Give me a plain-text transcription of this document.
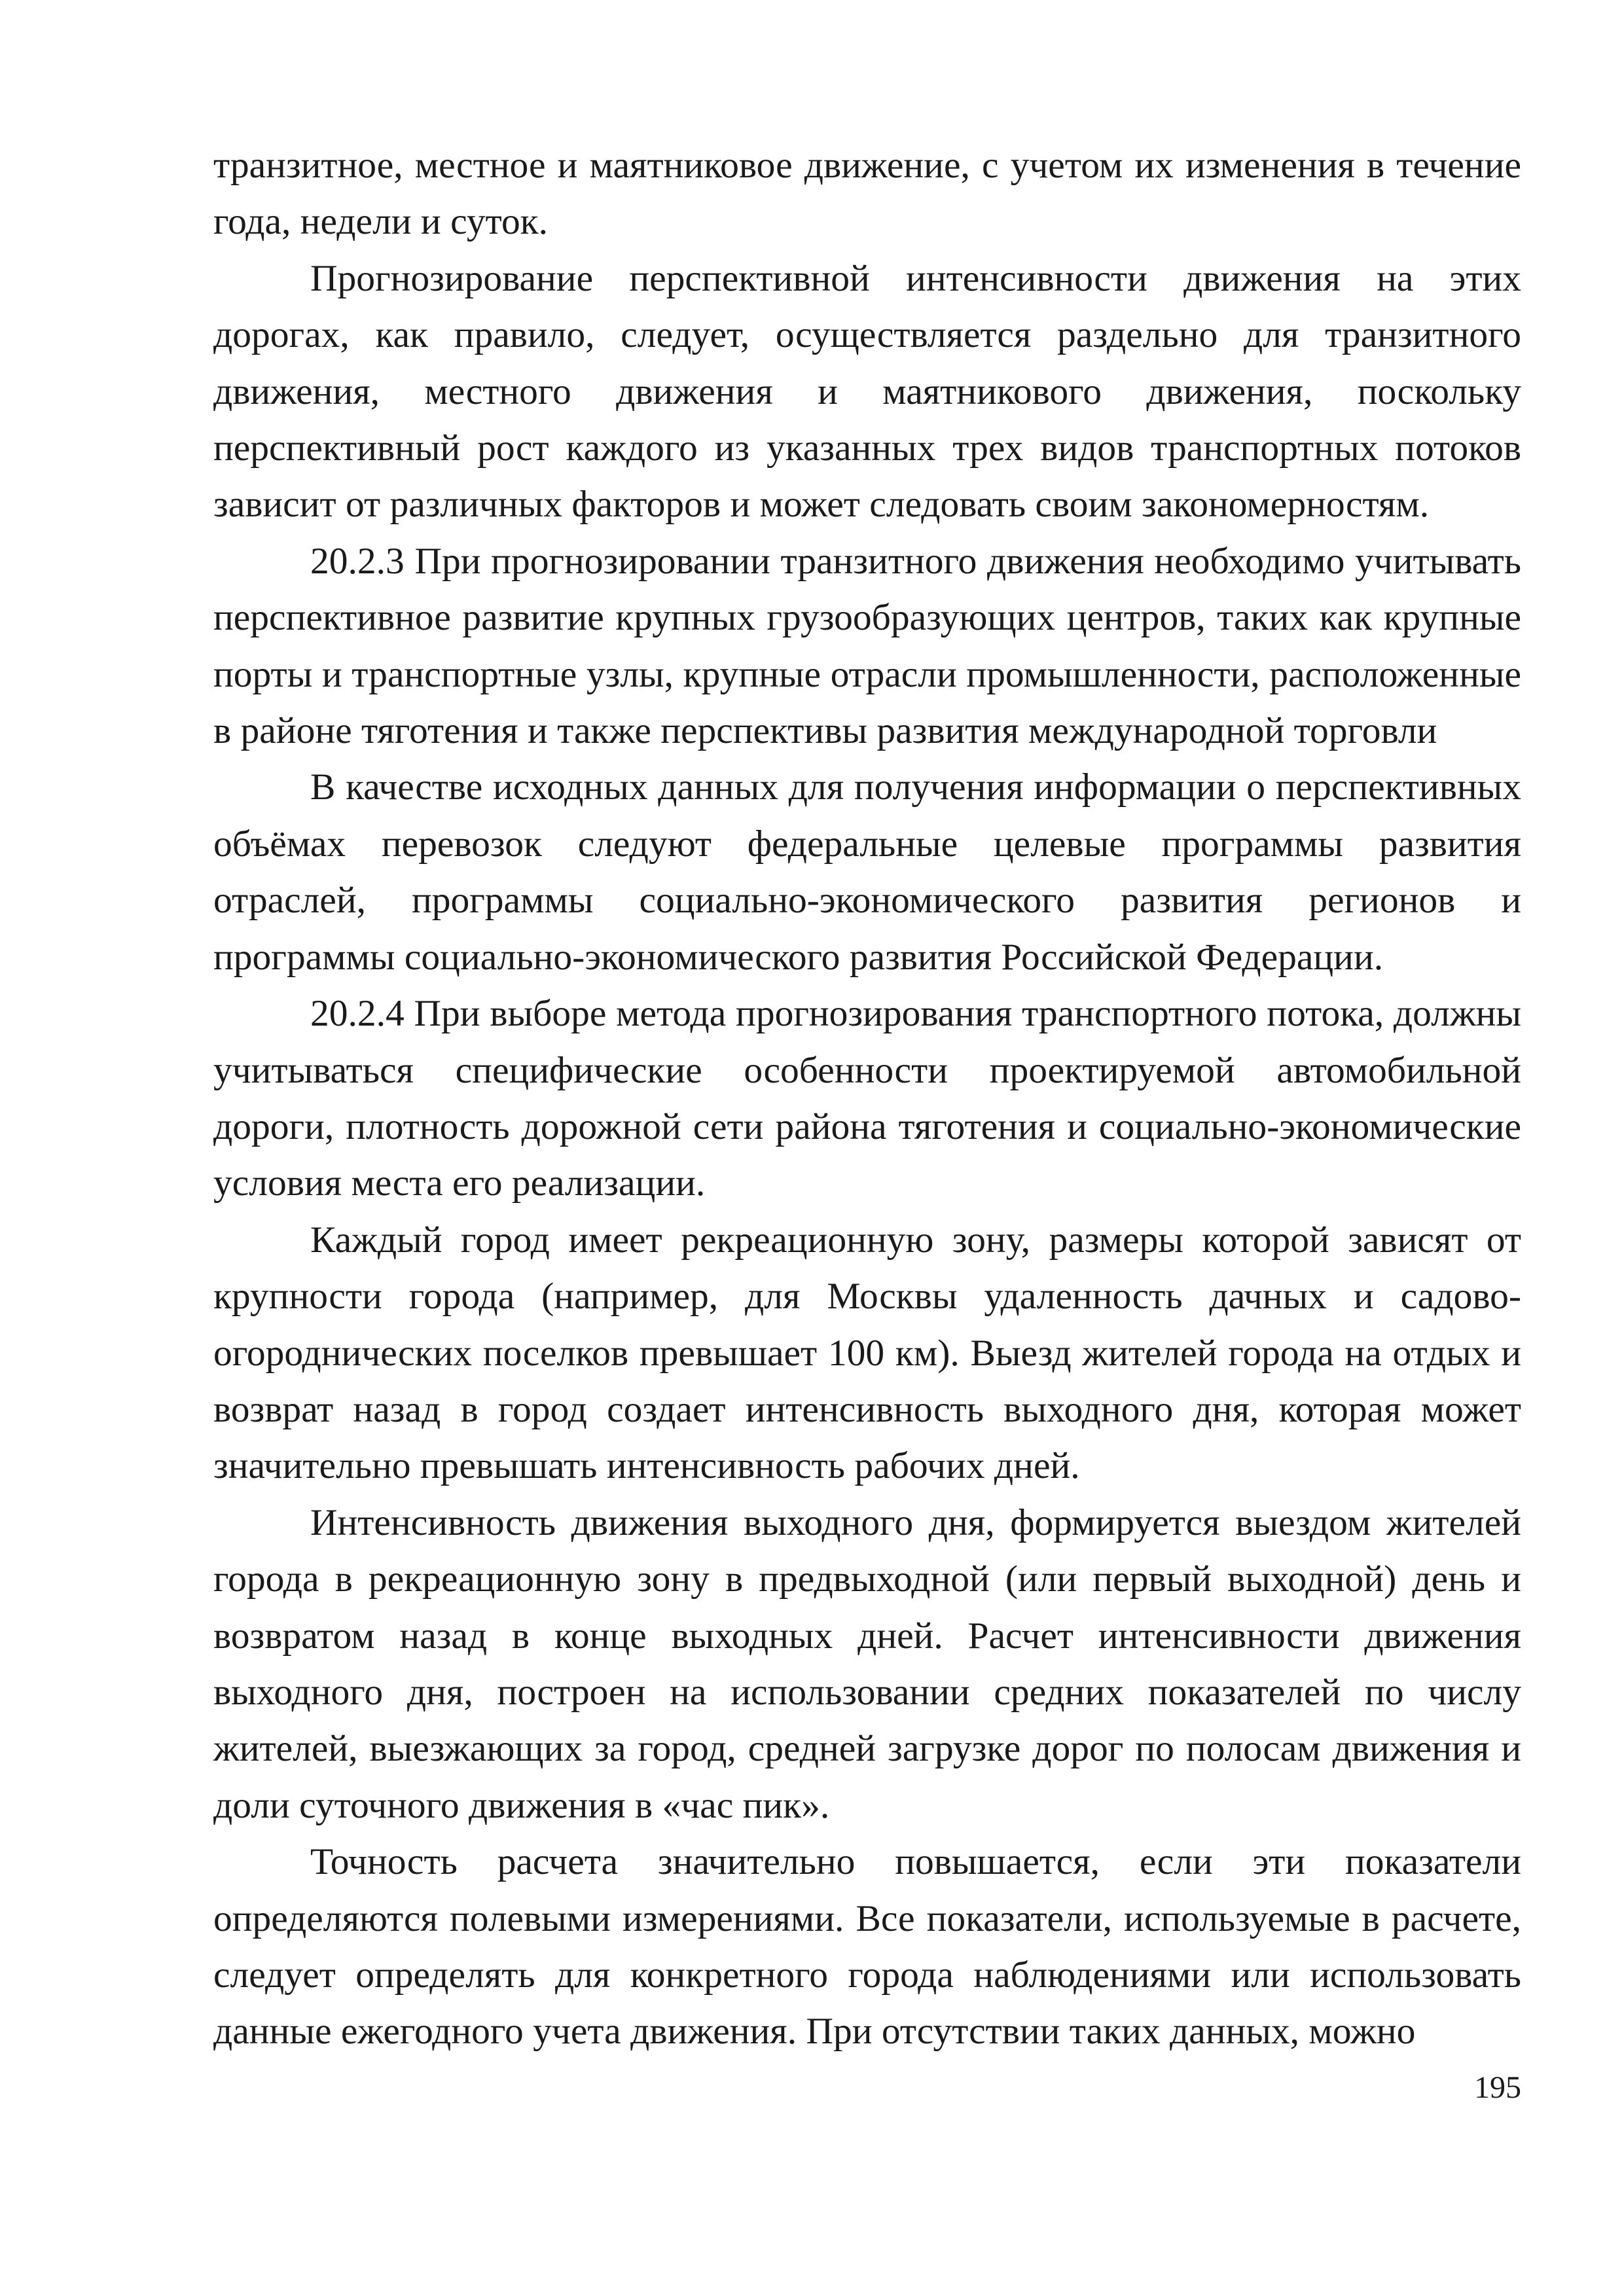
транзитное, местное и маятниковое движение, с учетом их изменения в течение года, недели и суток.

Прогнозирование перспективной интенсивности движения на этих дорогах, как правило, следует, осуществляется раздельно для транзитного движения, местного движения и маятникового движения, поскольку перспективный рост каждого из указанных трех видов транспортных потоков зависит от различных факторов и может следовать своим закономерностям.

20.2.3 При прогнозировании транзитного движения необходимо учитывать перспективное развитие крупных грузообразующих центров, таких как крупные порты и транспортные узлы, крупные отрасли промышленности, расположенные в районе тяготения и также перспективы развития международной торговли

В качестве исходных данных для получения информации о перспективных объёмах перевозок следуют федеральные целевые программы развития отраслей, программы социально-экономического развития регионов и программы социально-экономического развития Российской Федерации.

20.2.4 При выборе метода прогнозирования транспортного потока, должны учитываться специфические особенности проектируемой автомобильной дороги, плотность дорожной сети района тяготения и социально-экономические условия места его реализации.

Каждый город имеет рекреационную зону, размеры которой зависят от крупности города (например, для Москвы удаленность дачных и садово-огороднических поселков превышает 100 км). Выезд жителей города на отдых и возврат назад в город создает интенсивность выходного дня, которая может значительно превышать интенсивность рабочих дней.

Интенсивность движения выходного дня, формируется выездом жителей города в рекреационную зону в предвыходной (или первый выходной) день и возвратом назад в конце выходных дней. Расчет интенсивности движения выходного дня, построен на использовании средних показателей по числу жителей, выезжающих за город, средней загрузке дорог по полосам движения и доли суточного движения в «час пик».

Точность расчета значительно повышается, если эти показатели определяются полевыми измерениями. Все показатели, используемые в расчете, следует определять для конкретного города наблюдениями или использовать данные ежегодного учета движения. При отсутствии таких данных, можно

195
